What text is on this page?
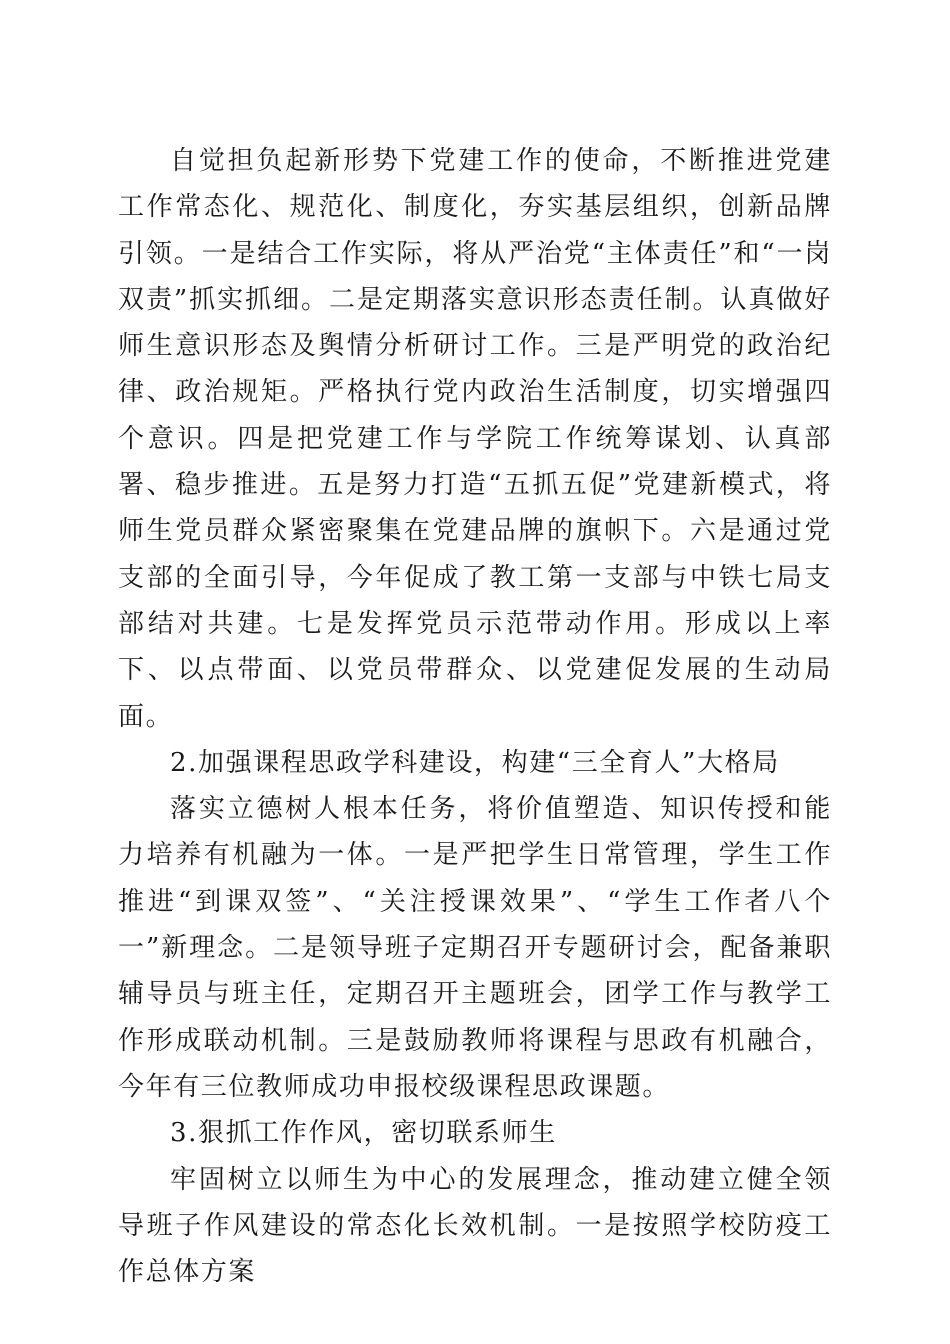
自觉担负起新形势下党建工作的使命，不断推进党建工作常态化、规范化、制度化，夯实基层组织，创新品牌引领。一是结合工作实际，将从严治党“主体责任”和“一岗双责”抓实抓细。二是定期落实意识形态责任制。认真做好师生意识形态及舆情分析研讨工作。三是严明党的政治纪律、政治规矩。严格执行党内政治生活制度，切实增强四个意识。四是把党建工作与学院工作统筹谋划、认真部署、稳步推进。五是努力打造“五抓五促”党建新模式，将师生党员群众紧密聚集在党建品牌的旗帜下。六是通过党支部的全面引导，今年促成了教工第一支部与中铁七局支部结对共建。七是发挥党员示范带动作用。形成以上率下、以点带面、以党员带群众、以党建促发展的生动局面。

2.加强课程思政学科建设，构建“三全育人”大格局

落实立德树人根本任务，将价值塑造、知识传授和能力培养有机融为一体。一是严把学生日常管理，学生工作推进“到课双签”、“关注授课效果”、“学生工作者八个一”新理念。二是领导班子定期召开专题研讨会，配备兼职辅导员与班主任，定期召开主题班会，团学工作与教学工作形成联动机制。三是鼓励教师将课程与思政有机融合，今年有三位教师成功申报校级课程思政课题。

3.狠抓工作作风，密切联系师生

牢固树立以师生为中心的发展理念，推动建立健全领导班子作风建设的常态化长效机制。一是按照学校防疫工作总体方案
